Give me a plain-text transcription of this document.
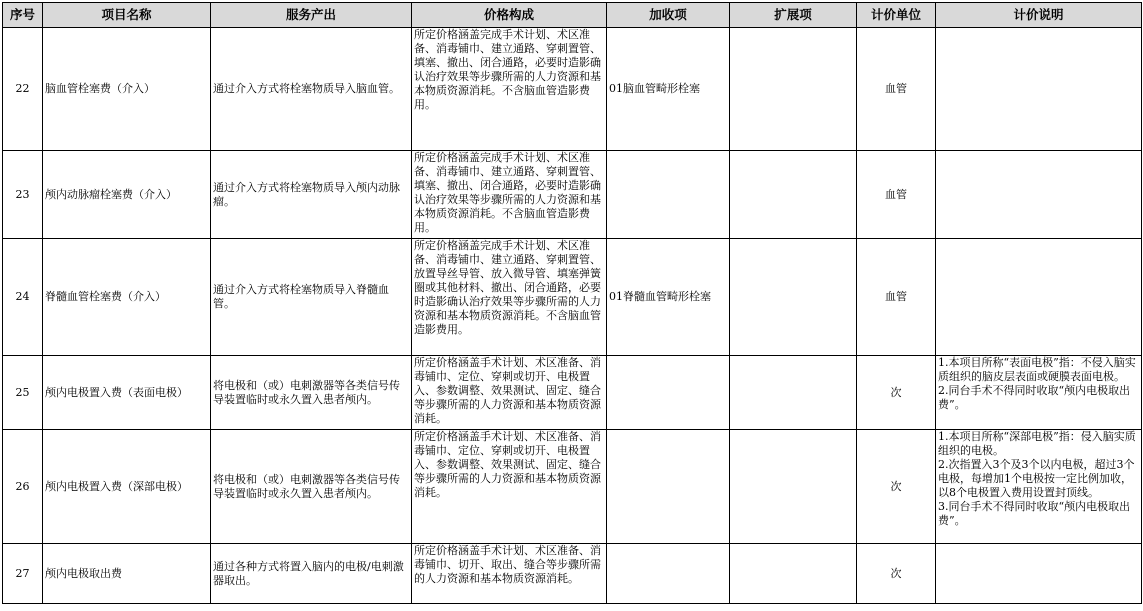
序号	项目名称	服务产出	价格构成	加收项	扩展项	计价单位	计价说明
22	脑血管栓塞费（介入）	通过介入方式将栓塞物质导入脑血管。	所定价格涵盖完成手术计划、术区准备、消毒铺巾、建立通路、穿刺置管、填塞、撤出、闭合通路，必要时造影确认治疗效果等步骤所需的人力资源和基本物质资源消耗。不含脑血管造影费用。	01脑血管畸形栓塞		血管	
23	颅内动脉瘤栓塞费（介入）	通过介入方式将栓塞物质导入颅内动脉瘤。	所定价格涵盖完成手术计划、术区准备、消毒铺巾、建立通路、穿刺置管、填塞、撤出、闭合通路，必要时造影确认治疗效果等步骤所需的人力资源和基本物质资源消耗。不含脑血管造影费用。			血管	
24	脊髓血管栓塞费（介入）	通过介入方式将栓塞物质导入脊髓血管。	所定价格涵盖完成手术计划、术区准备、消毒铺巾、建立通路、穿刺置管、放置导丝导管、放入微导管、填塞弹簧圈或其他材料、撤出、闭合通路，必要时造影确认治疗效果等步骤所需的人力资源和基本物质资源消耗。不含脑血管造影费用。	01脊髓血管畸形栓塞		血管	
25	颅内电极置入费（表面电极）	将电极和（或）电刺激器等各类信号传导装置临时或永久置入患者颅内。	所定价格涵盖手术计划、术区准备、消毒铺巾、定位、穿刺或切开、电极置入、参数调整、效果测试、固定、缝合等步骤所需的人力资源和基本物质资源消耗。			次	1.本项目所称“表面电极”指：不侵入脑实质组织的脑皮层表面或硬膜表面电极。
2.同台手术不得同时收取“颅内电极取出费”。
26	颅内电极置入费（深部电极）	将电极和（或）电刺激器等各类信号传导装置临时或永久置入患者颅内。	所定价格涵盖手术计划、术区准备、消毒铺巾、定位、穿刺或切开、电极置入、参数调整、效果测试、固定、缝合等步骤所需的人力资源和基本物质资源消耗。			次	1.本项目所称“深部电极”指：侵入脑实质组织的电极。
2.次指置入3个及3个以内电极，超过3个电极，每增加1个电极按一定比例加收，以8个电极置入费用设置封顶线。
3.同台手术不得同时收取“颅内电极取出费”。
27	颅内电极取出费	通过各种方式将置入脑内的电极/电刺激器取出。	所定价格涵盖手术计划、术区准备、消毒铺巾、切开、取出、缝合等步骤所需的人力资源和基本物质资源消耗。			次	
